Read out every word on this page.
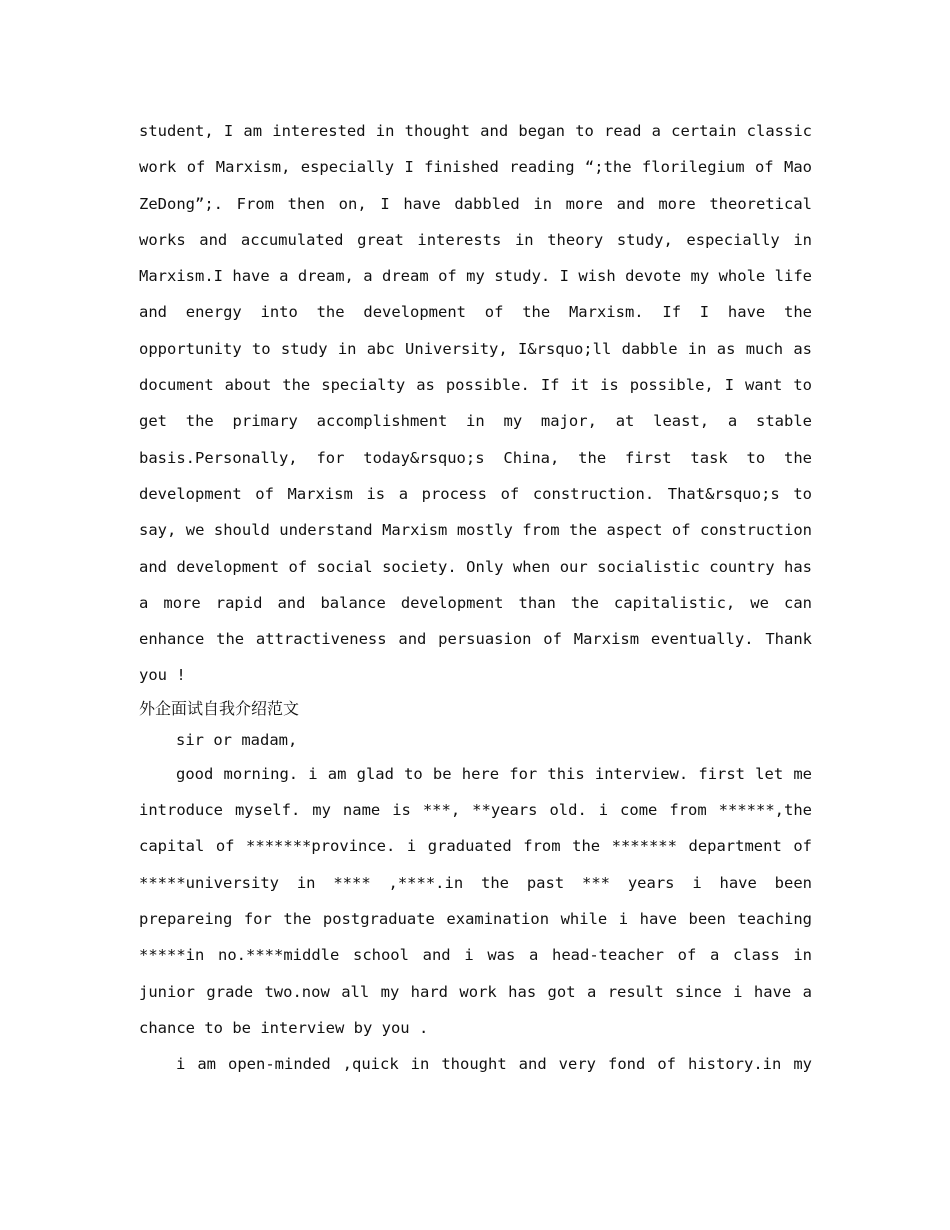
student, I am interested in thought and began to read a certain classic
work of Marxism, especially I finished reading “;the florilegium of Mao
ZeDong”;. From then on, I have dabbled in more and more theoretical
works and accumulated great interests in theory study, especially in
Marxism.I have a dream, a dream of my study. I wish devote my whole life
and energy into the development of the Marxism. If I have the
opportunity to study in abc University, I&rsquo;ll dabble in as much as
document about the specialty as possible. If it is possible, I want to
get the primary accomplishment in my major, at least, a stable
basis.Personally, for today&rsquo;s China, the first task to the
development of Marxism is a process of construction. That&rsquo;s to
say, we should understand Marxism mostly from the aspect of construction
and development of social society. Only when our socialistic country has
a more rapid and balance development than the capitalistic, we can
enhance the attractiveness and persuasion of Marxism eventually. Thank
you !
外企面试自我介绍范文
sir or madam,
good morning. i am glad to be here for this interview. first let me
introduce myself. my name is ***, **years old. i come from ******,the
capital of *******province. i graduated from the ******* department of
*****university in **** ,****.in the past *** years i have been
prepareing for the postgraduate examination while i have been teaching
*****in no.****middle school and i was a head-teacher of a class in
junior grade two.now all my hard work has got a result since i have a
chance to be interview by you .
i am open-minded ,quick in thought and very fond of history.in my
